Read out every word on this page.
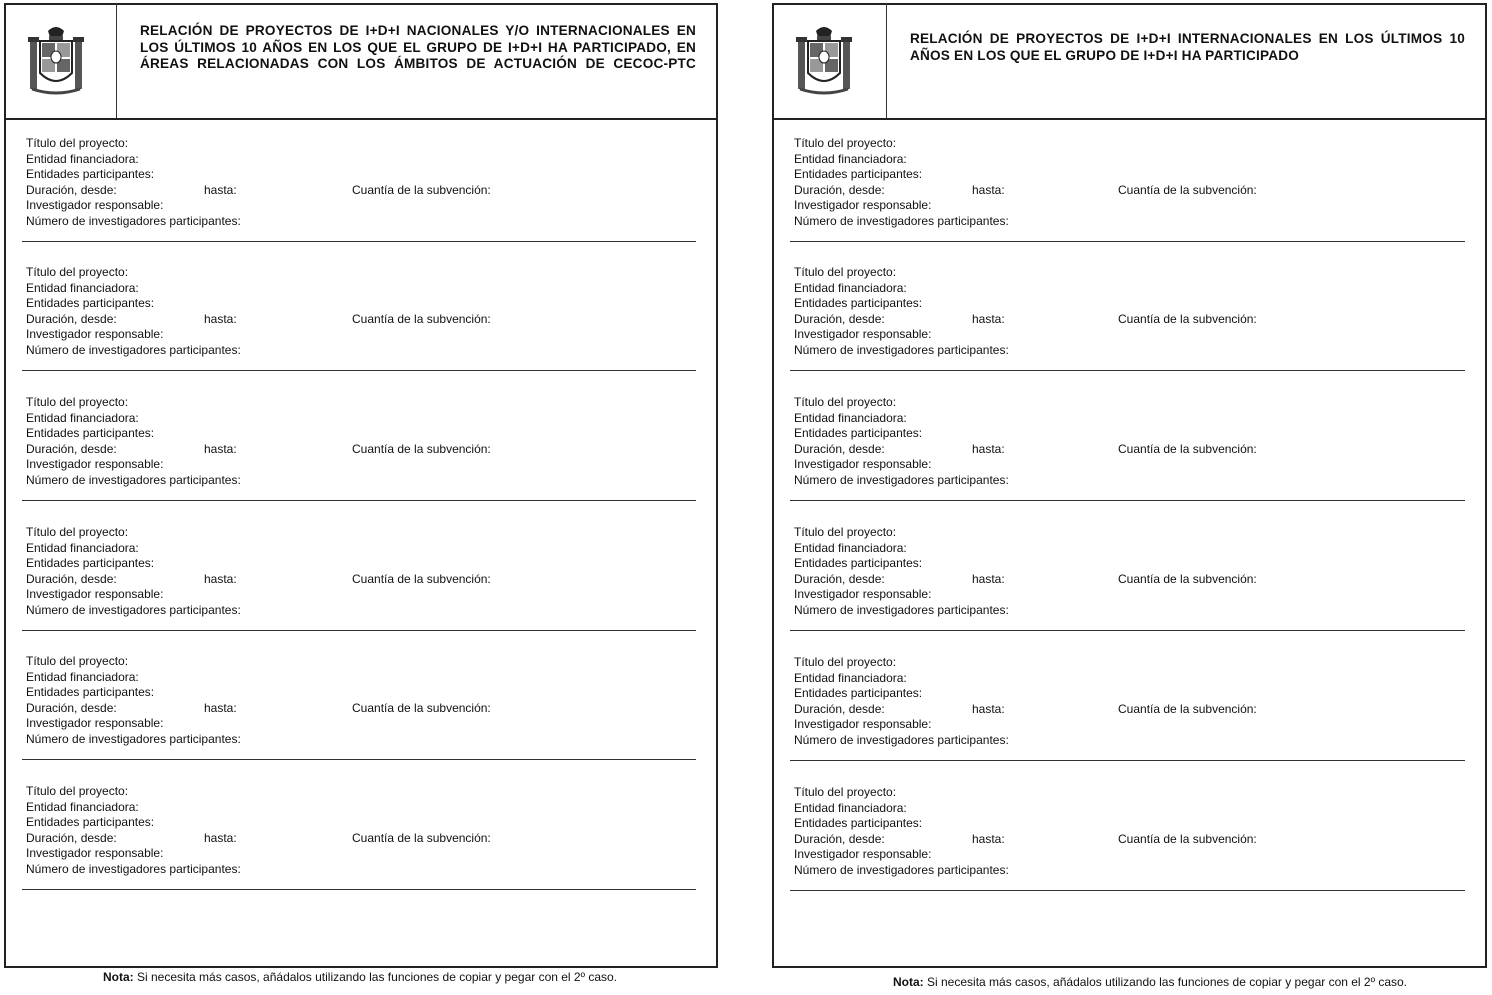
RELACIÓN DE PROYECTOS DE I+D+I NACIONALES Y/O INTERNACIONALES EN LOS ÚLTIMOS 10 AÑOS EN LOS QUE EL GRUPO DE I+D+I HA PARTICIPADO, EN ÁREAS RELACIONADAS CON LOS ÁMBITOS DE ACTUACIÓN DE CECOC-PTC
Título del proyecto:
Entidad financiadora:
Entidades participantes:
Duración, desde:	hasta:	Cuantía de la subvención:
Investigador responsable:
Número de investigadores participantes:
Título del proyecto:
Entidad financiadora:
Entidades participantes:
Duración, desde:	hasta:	Cuantía de la subvención:
Investigador responsable:
Número de investigadores participantes:
Título del proyecto:
Entidad financiadora:
Entidades participantes:
Duración, desde:	hasta:	Cuantía de la subvención:
Investigador responsable:
Número de investigadores participantes:
Título del proyecto:
Entidad financiadora:
Entidades participantes:
Duración, desde:	hasta:	Cuantía de la subvención:
Investigador responsable:
Número de investigadores participantes:
Título del proyecto:
Entidad financiadora:
Entidades participantes:
Duración, desde:	hasta:	Cuantía de la subvención:
Investigador responsable:
Número de investigadores participantes:
Título del proyecto:
Entidad financiadora:
Entidades participantes:
Duración, desde:	hasta:	Cuantía de la subvención:
Investigador responsable:
Número de investigadores participantes:
Nota: Si necesita más casos, añádalos utilizando las funciones de copiar y pegar con el 2º caso.
RELACIÓN DE PROYECTOS DE I+D+I INTERNACIONALES EN LOS ÚLTIMOS 10 AÑOS EN LOS QUE EL GRUPO DE I+D+I HA PARTICIPADO
Título del proyecto:
Entidad financiadora:
Entidades participantes:
Duración, desde:	hasta:	Cuantía de la subvención:
Investigador responsable:
Número de investigadores participantes:
Título del proyecto:
Entidad financiadora:
Entidades participantes:
Duración, desde:	hasta:	Cuantía de la subvención:
Investigador responsable:
Número de investigadores participantes:
Título del proyecto:
Entidad financiadora:
Entidades participantes:
Duración, desde:	hasta:	Cuantía de la subvención:
Investigador responsable:
Número de investigadores participantes:
Título del proyecto:
Entidad financiadora:
Entidades participantes:
Duración, desde:	hasta:	Cuantía de la subvención:
Investigador responsable:
Número de investigadores participantes:
Título del proyecto:
Entidad financiadora:
Entidades participantes:
Duración, desde:	hasta:	Cuantía de la subvención:
Investigador responsable:
Número de investigadores participantes:
Título del proyecto:
Entidad financiadora:
Entidades participantes:
Duración, desde:	hasta:	Cuantía de la subvención:
Investigador responsable:
Número de investigadores participantes:
Nota: Si necesita más casos, añádalos utilizando las funciones de copiar y pegar con el 2º caso.
